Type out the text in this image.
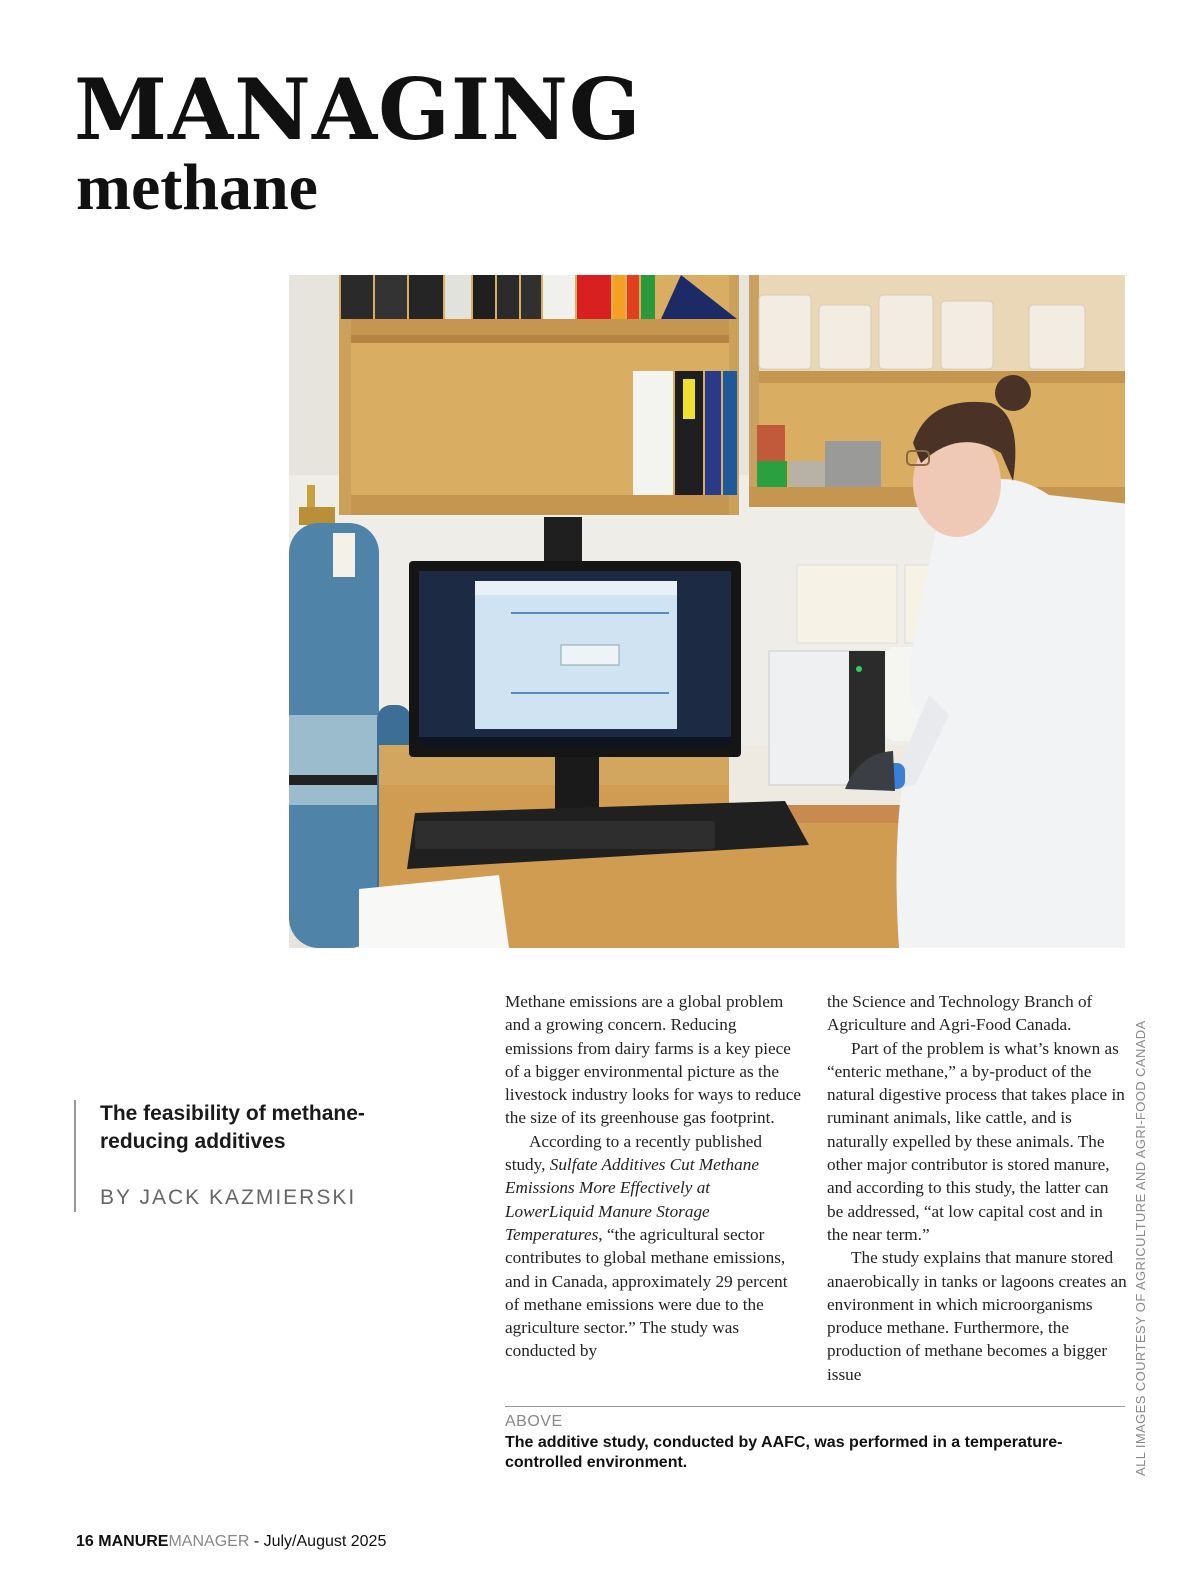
MANAGING
methane

The feasibility of methane-reducing additives

BY JACK KAZMIERSKI

Methane emissions are a global problem and a growing concern. Reducing emissions from dairy farms is a key piece of a bigger environmental picture as the livestock industry looks for ways to reduce the size of its greenhouse gas footprint.

According to a recently published study, Sulfate Additives Cut Methane Emissions More Effectively at LowerLiquid Manure Storage Temperatures, “the agricultural sector contributes to global methane emissions, and in Canada, approximately 29 percent of methane emissions were due to the agriculture sector.” The study was conducted by

the Science and Technology Branch of Agriculture and Agri-Food Canada.

Part of the problem is what’s known as “enteric methane,” a by-product of the natural digestive process that takes place in ruminant animals, like cattle, and is naturally expelled by these animals. The other major contributor is stored manure, and according to this study, the latter can be addressed, “at low capital cost and in the near term.”

The study explains that manure stored anaerobically in tanks or lagoons creates an environment in which microorganisms produce methane. Furthermore, the production of methane becomes a bigger issue

ABOVE
The additive study, conducted by AAFC, was performed in a temperature-controlled environment.	ALL IMAGES COURTESY OF AGRICULTURE AND AGRI-FOOD CANADA
16 MANUREMANAGER - July/August 2025
